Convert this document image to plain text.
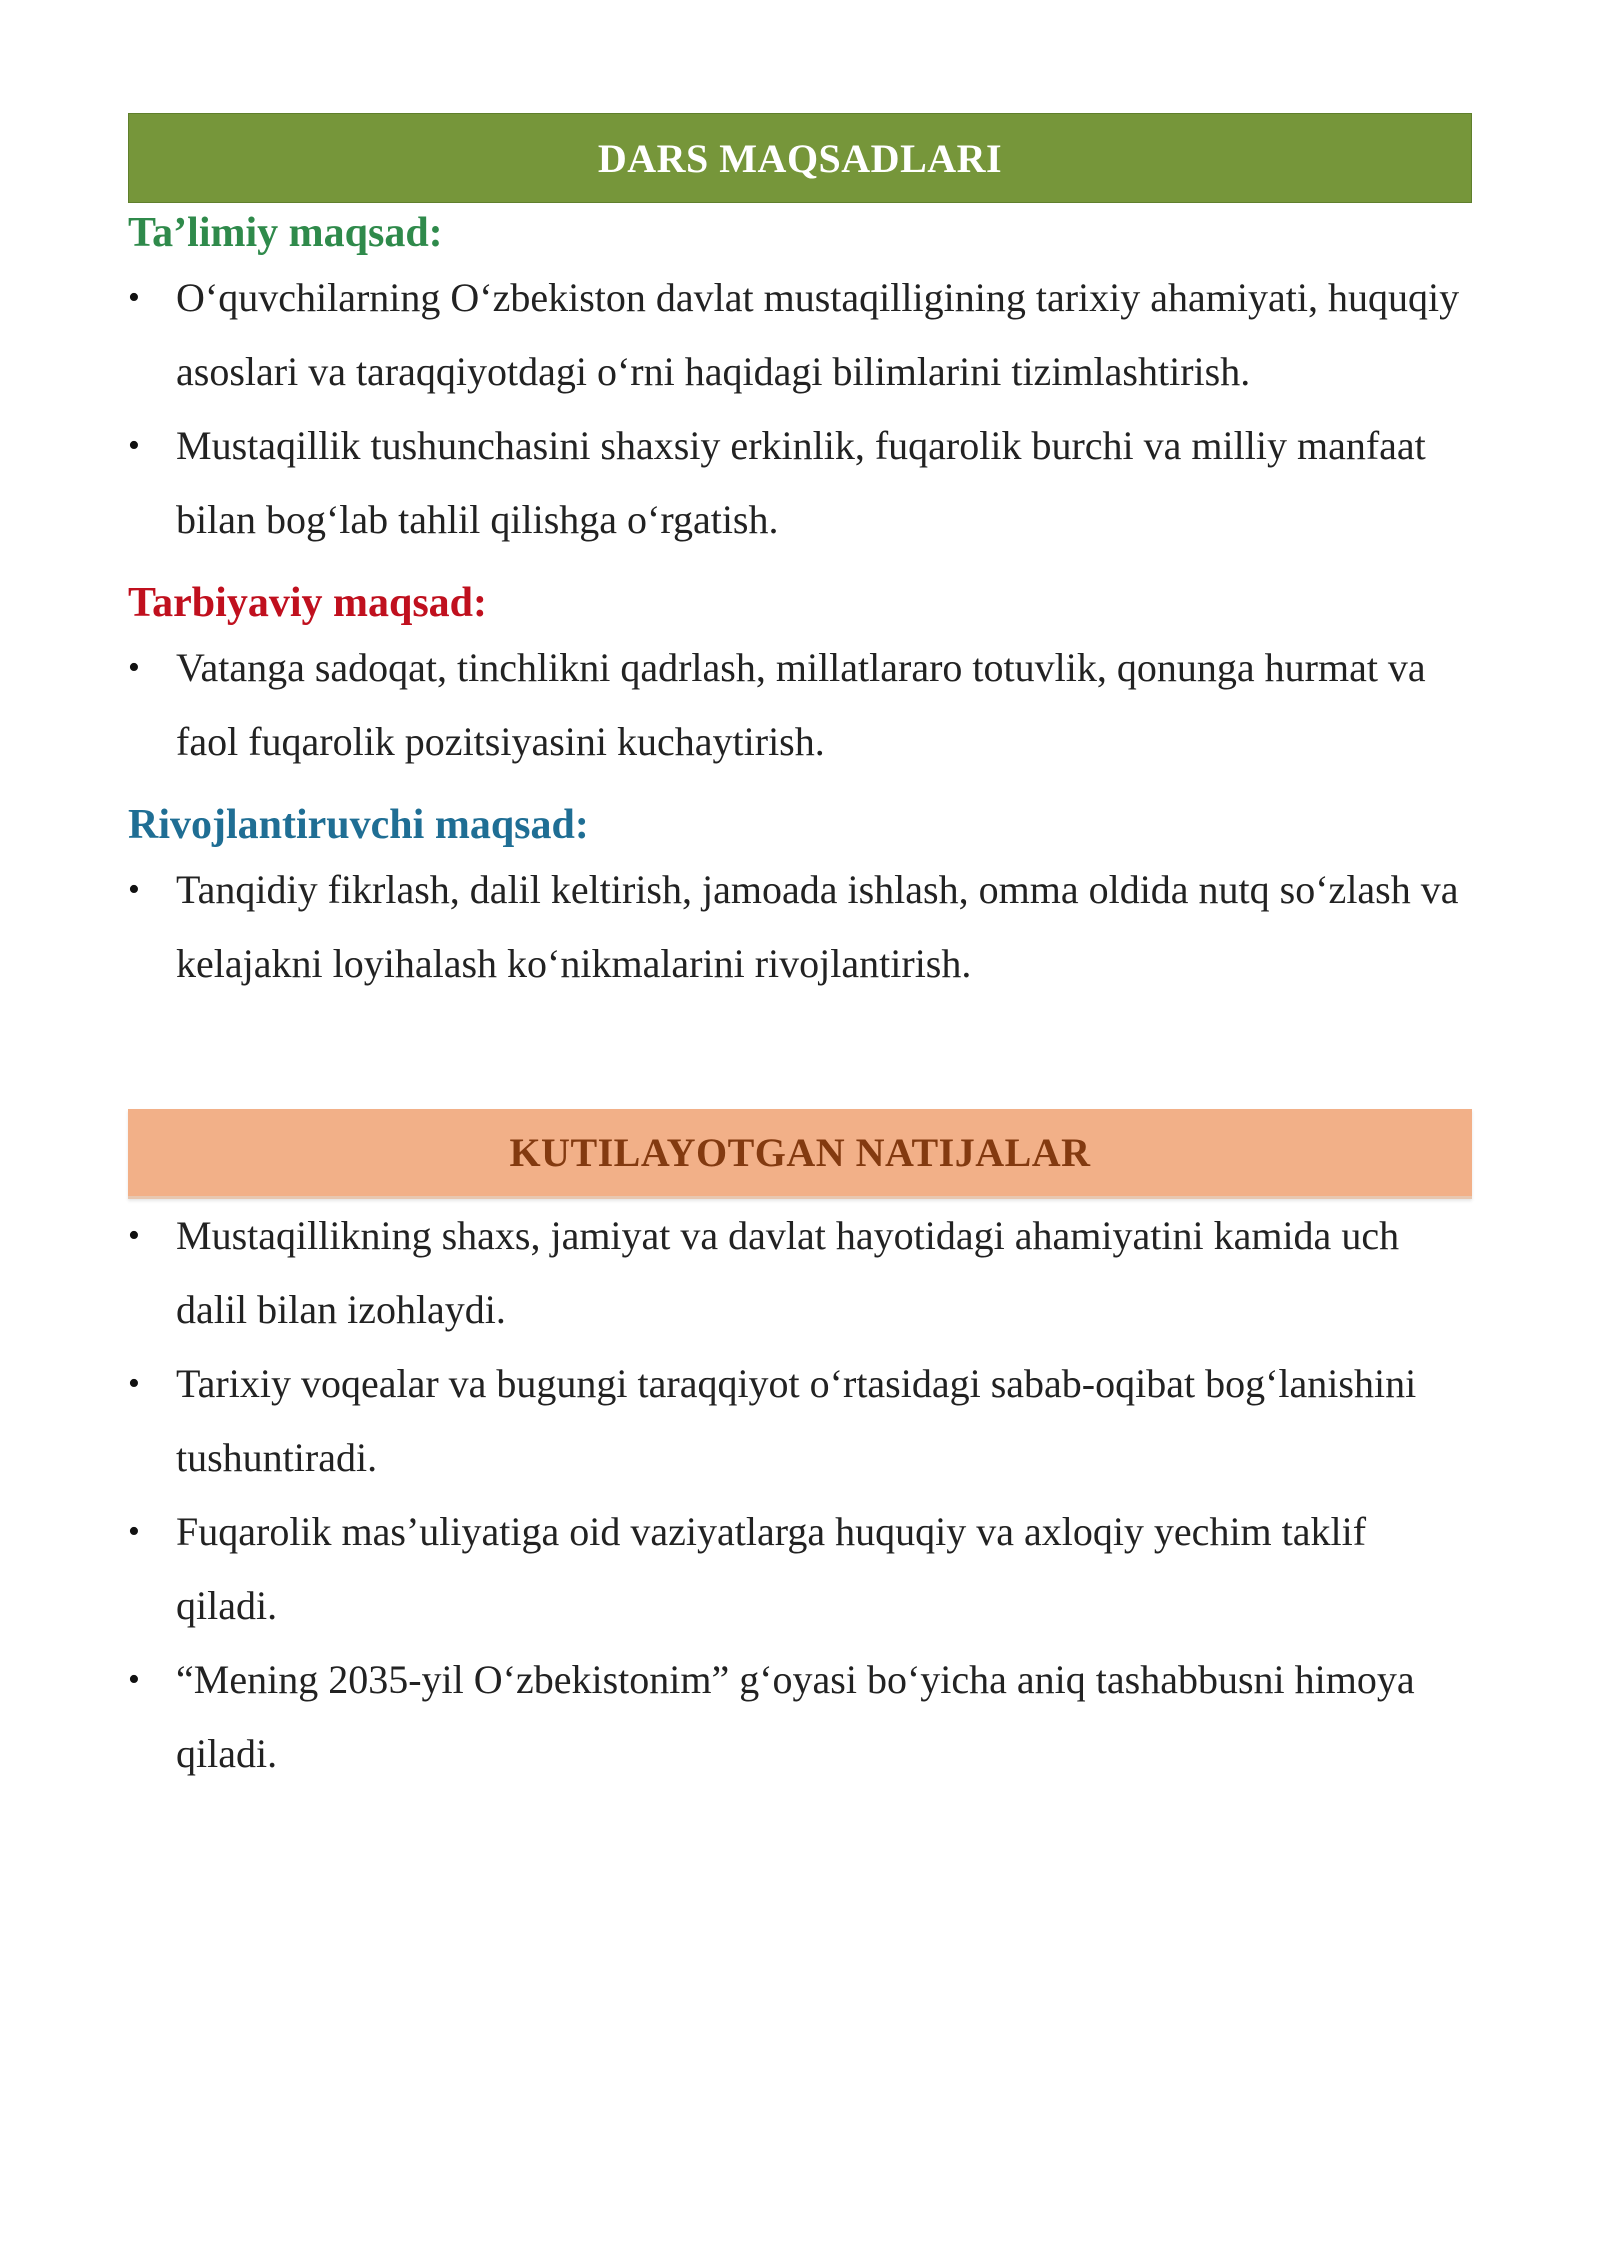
DARS MAQSADLARI

Ta’limiy maqsad:

• O‘quvchilarning O‘zbekiston davlat mustaqilligining tarixiy ahamiyati, huquqiy asoslari va taraqqiyotdagi o‘rni haqidagi bilimlarini tizimlashtirish.
• Mustaqillik tushunchasini shaxsiy erkinlik, fuqarolik burchi va milliy manfaat bilan bog‘lab tahlil qilishga o‘rgatish.

Tarbiyaviy maqsad:

• Vatanga sadoqat, tinchlikni qadrlash, millatlararo totuvlik, qonunga hurmat va faol fuqarolik pozitsiyasini kuchaytirish.

Rivojlantiruvchi maqsad:

• Tanqidiy fikrlash, dalil keltirish, jamoada ishlash, omma oldida nutq so‘zlash va kelajakni loyihalash ko‘nikmalarini rivojlantirish.
KUTILAYOTGAN NATIJALAR
• Mustaqillikning shaxs, jamiyat va davlat hayotidagi ahamiyatini kamida uch dalil bilan izohlaydi.
• Tarixiy voqealar va bugungi taraqqiyot o‘rtasidagi sabab-oqibat bog‘lanishini tushuntiradi.
• Fuqarolik mas’uliyatiga oid vaziyatlarga huquqiy va axloqiy yechim taklif qiladi.
• “Mening 2035-yil O‘zbekistonim” g‘oyasi bo‘yicha aniq tashabbusni himoya qiladi.
